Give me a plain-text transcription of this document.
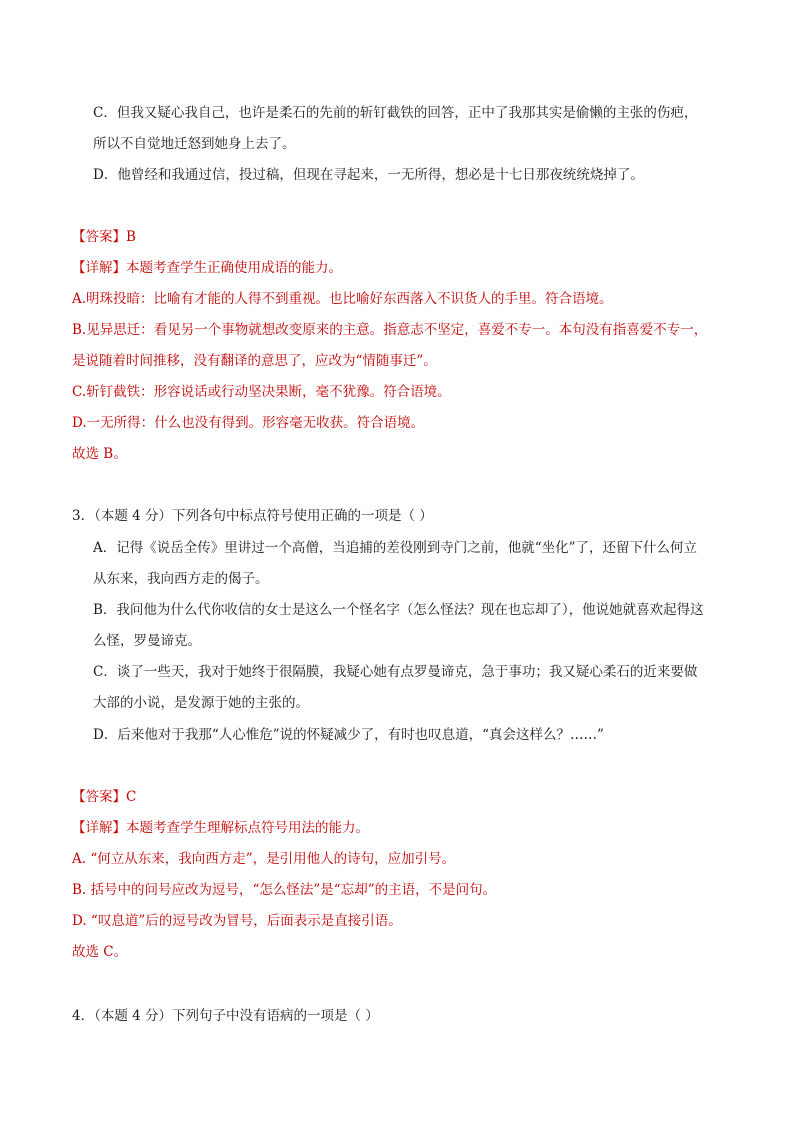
C．但我又疑心我自己，也许是柔石的先前的斩钉截铁的回答，正中了我那其实是偷懒的主张的伤疤，
所以不自觉地迁怒到她身上去了。
D．他曾经和我通过信，投过稿，但现在寻起来，一无所得，想必是十七日那夜统统烧掉了。
【答案】B
【详解】本题考查学生正确使用成语的能力。
A.明珠投暗：比喻有才能的人得不到重视。也比喻好东西落入不识货人的手里。符合语境。
B.见异思迁：看见另一个事物就想改变原来的主意。指意志不坚定，喜爱不专一。本句没有指喜爱不专一，
是说随着时间推移，没有翻译的意思了，应改为“情随事迁”。
C.斩钉截铁：形容说话或行动坚决果断，毫不犹豫。符合语境。
D.一无所得：什么也没有得到。形容毫无收获。符合语境。
故选 B。
3．（本题 4 分）下列各句中标点符号使用正确的一项是（ ）
A．记得《说岳全传》里讲过一个高僧，当追捕的差役刚到寺门之前，他就“坐化”了，还留下什么何立
从东来，我向西方走的偈子。
B．我问他为什么代你收信的女士是这么一个怪名字（怎么怪法？现在也忘却了），他说她就喜欢起得这
么怪，罗曼谛克。
C．谈了一些天，我对于她终于很隔膜，我疑心她有点罗曼谛克，急于事功；我又疑心柔石的近来要做
大部的小说，是发源于她的主张的。
D．后来他对于我那“人心惟危”说的怀疑减少了，有时也叹息道，“真会这样么？……”
【答案】C
【详解】本题考查学生理解标点符号用法的能力。
A. “何立从东来，我向西方走”，是引用他人的诗句，应加引号。
B. 括号中的问号应改为逗号，“怎么怪法”是“忘却”的主语，不是问句。
D. “叹息道”后的逗号改为冒号，后面表示是直接引语。
故选 C。
4．（本题 4 分）下列句子中没有语病的一项是（ ）
